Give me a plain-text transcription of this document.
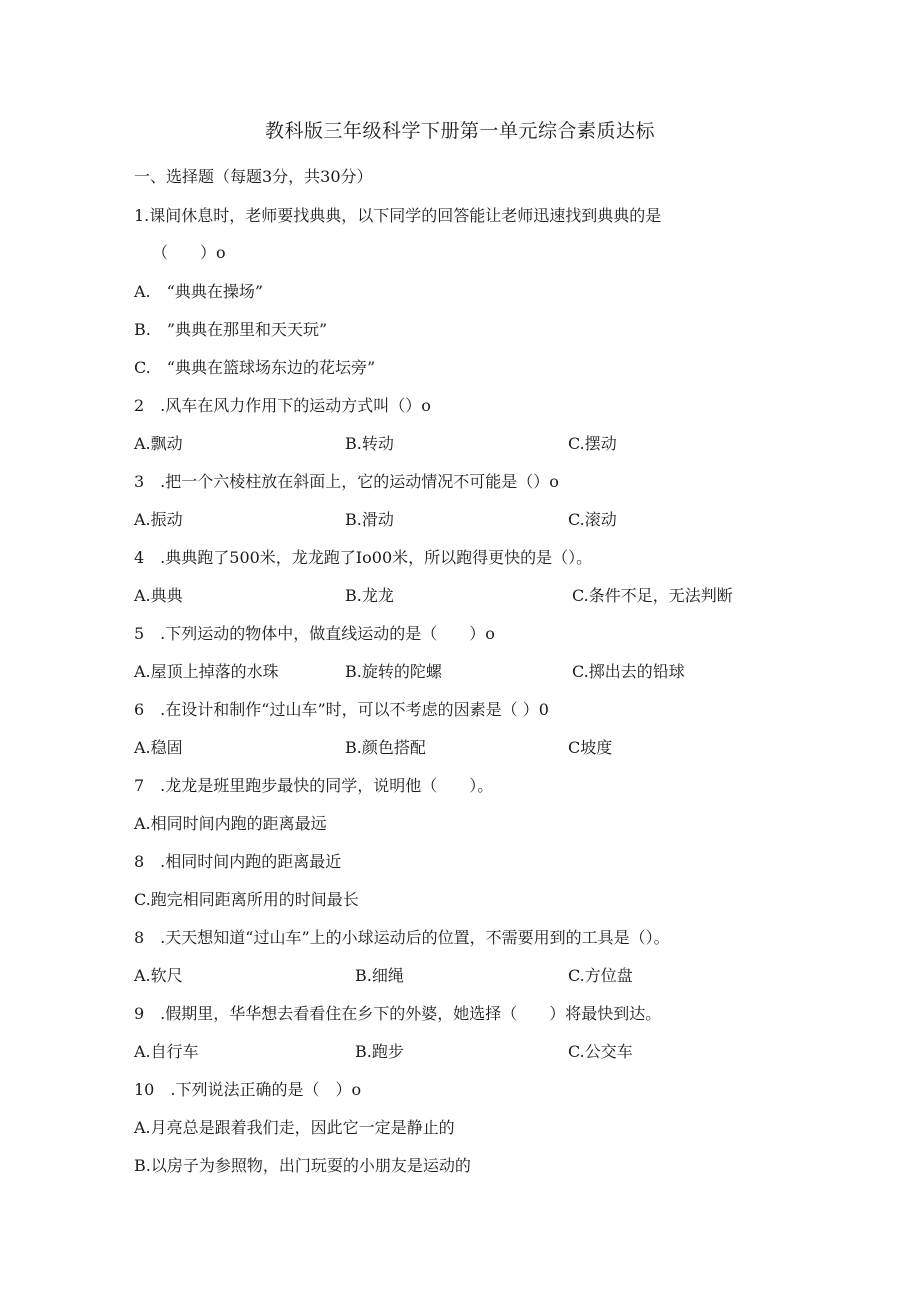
教科版三年级科学下册第一单元综合素质达标
一、选择题（每题3分，共30分）
1.课间休息时，老师要找典典，以下同学的回答能让老师迅速找到典典的是
（　　）o
A.　“典典在操场”
B.　”典典在那里和天天玩”
C.　“典典在篮球场东边的花坛旁”
2　.风车在风力作用下的运动方式叫（）o
A.飘动	B.转动	C.摆动
3　.把一个六棱柱放在斜面上，它的运动情况不可能是（）o
A.振动	B.滑动	C.滚动
4　.典典跑了500米，龙龙跑了Io00米，所以跑得更快的是（）。
A.典典	B.龙龙	C.条件不足，无法判断
5　.下列运动的物体中，做直线运动的是（　　）o
A.屋顶上掉落的水珠	B.旋转的陀螺	C.掷出去的铅球
6　.在设计和制作“过山车”时，可以不考虑的因素是（ ）0
A.稳固	B.颜色搭配	C坡度
7　.龙龙是班里跑步最快的同学，说明他（　　）。
A.相同时间内跑的距离最远
8　.相同时间内跑的距离最近
C.跑完相同距离所用的时间最长
8　.天天想知道“过山车”上的小球运动后的位置，不需要用到的工具是（）。
A.软尺	B.细绳	C.方位盘
9　.假期里，华华想去看看住在乡下的外婆，她选择（　　）将最快到达。
A.自行车	B.跑步	C.公交车
10　.下列说法正确的是（　）o
A.月亮总是跟着我们走，因此它一定是静止的
B.以房子为参照物，出门玩耍的小朋友是运动的
